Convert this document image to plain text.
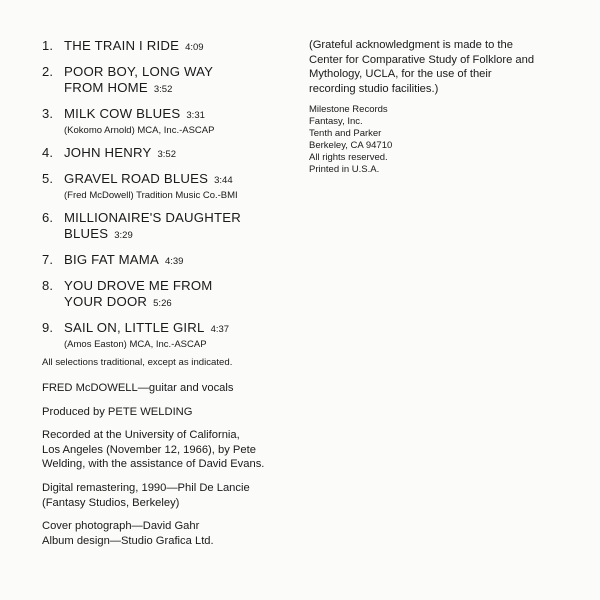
1. THE TRAIN I RIDE 4:09
2. POOR BOY, LONG WAY
FROM HOME 3:52
3. MILK COW BLUES 3:31
(Kokomo Arnold) MCA, Inc.-ASCAP
4. JOHN HENRY 3:52
5. GRAVEL ROAD BLUES 3:44
(Fred McDowell) Tradition Music Co.-BMI
6. MILLIONAIRE'S DAUGHTER
BLUES 3:29
7. BIG FAT MAMA 4:39
8. YOU DROVE ME FROM
YOUR DOOR 5:26
9. SAIL ON, LITTLE GIRL 4:37
(Amos Easton) MCA, Inc.-ASCAP
All selections traditional, except as indicated.
FRED McDOWELL—guitar and vocals
Produced by PETE WELDING
Recorded at the University of California,
Los Angeles (November 12, 1966), by Pete
Welding, with the assistance of David Evans.
Digital remastering, 1990—Phil De Lancie
(Fantasy Studios, Berkeley)
Cover photograph—David Gahr
Album design—Studio Grafica Ltd.
(Grateful acknowledgment is made to the
Center for Comparative Study of Folklore and
Mythology, UCLA, for the use of their
recording studio facilities.)
Milestone Records
Fantasy, Inc.
Tenth and Parker
Berkeley, CA 94710
All rights reserved.
Printed in U.S.A.
